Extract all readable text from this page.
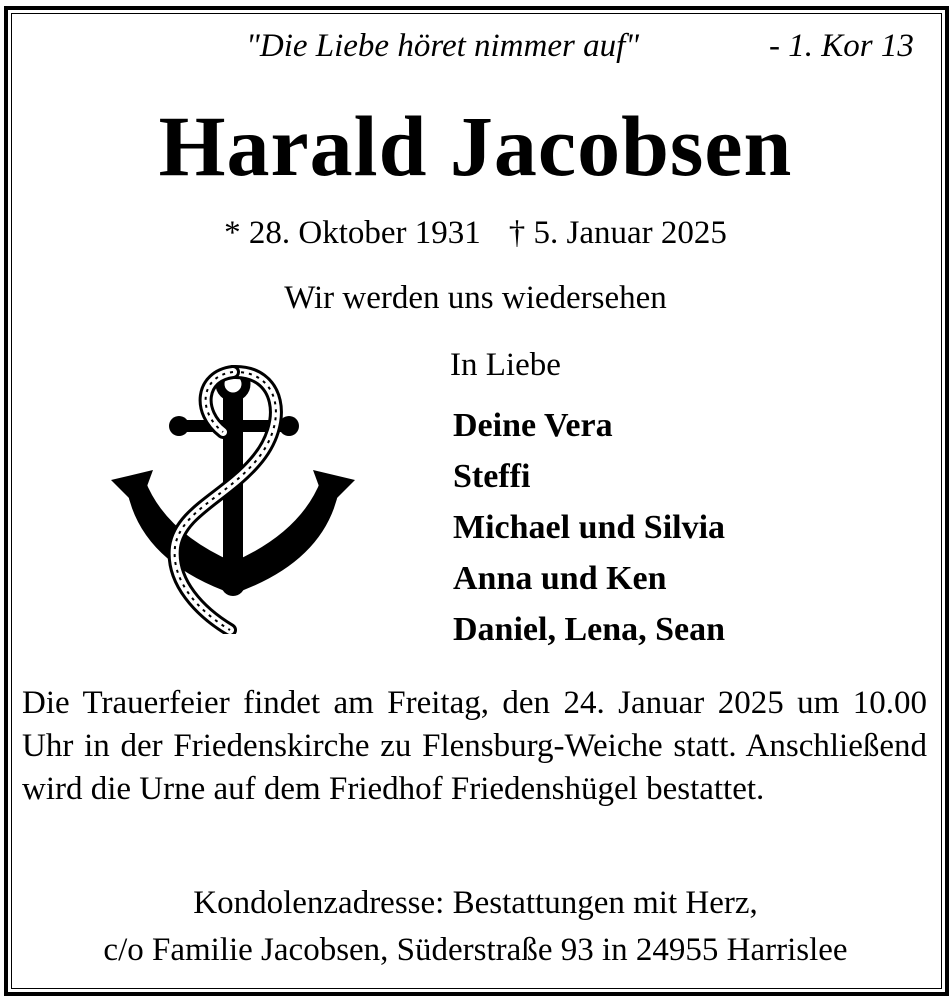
"Die Liebe höret nimmer auf"	- 1. Kor 13
Harald Jacobsen
* 28. Oktober 1931 † 5. Januar 2025
Wir werden uns wiedersehen
In Liebe
Deine Vera
Steffi
Michael und Silvia
Anna und Ken
Daniel, Lena, Sean

Die Trauerfeier findet am Freitag, den 24. Januar 2025 um 10.00 Uhr in der Friedenskirche zu Flensburg-Weiche statt. Anschließend wird die Urne auf dem Friedhof Friedenshügel bestattet.

Kondolenzadresse: Bestattungen mit Herz,
c/o Familie Jacobsen, Süderstraße 93 in 24955 Harrislee
